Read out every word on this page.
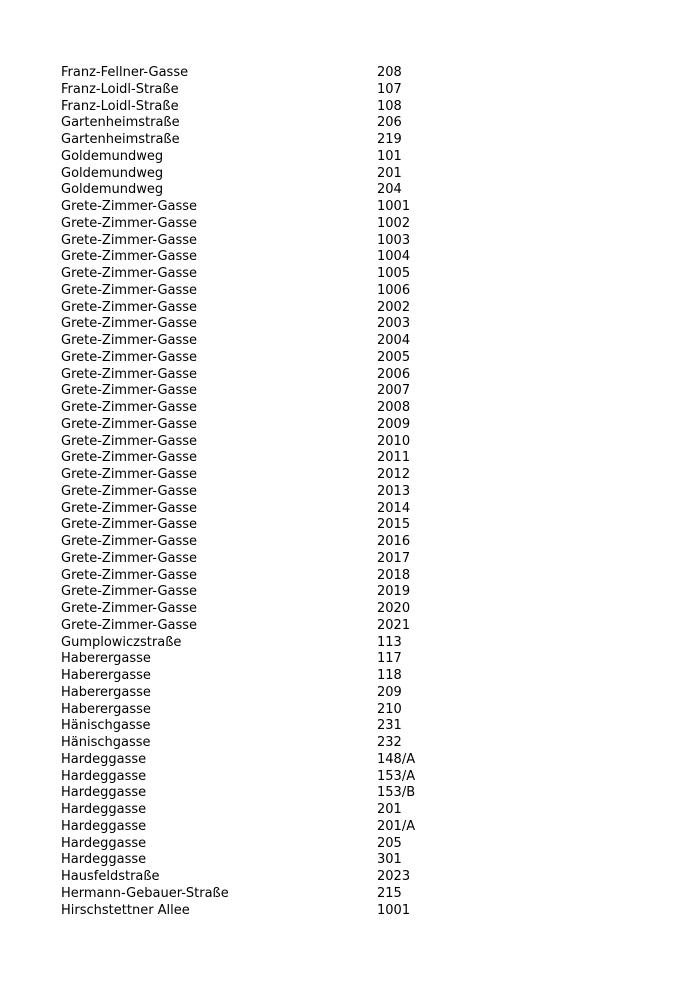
Franz-Fellner-Gasse	208
Franz-Loidl-Straße	107
Franz-Loidl-Straße	108
Gartenheimstraße	206
Gartenheimstraße	219
Goldemundweg	101
Goldemundweg	201
Goldemundweg	204
Grete-Zimmer-Gasse	1001
Grete-Zimmer-Gasse	1002
Grete-Zimmer-Gasse	1003
Grete-Zimmer-Gasse	1004
Grete-Zimmer-Gasse	1005
Grete-Zimmer-Gasse	1006
Grete-Zimmer-Gasse	2002
Grete-Zimmer-Gasse	2003
Grete-Zimmer-Gasse	2004
Grete-Zimmer-Gasse	2005
Grete-Zimmer-Gasse	2006
Grete-Zimmer-Gasse	2007
Grete-Zimmer-Gasse	2008
Grete-Zimmer-Gasse	2009
Grete-Zimmer-Gasse	2010
Grete-Zimmer-Gasse	2011
Grete-Zimmer-Gasse	2012
Grete-Zimmer-Gasse	2013
Grete-Zimmer-Gasse	2014
Grete-Zimmer-Gasse	2015
Grete-Zimmer-Gasse	2016
Grete-Zimmer-Gasse	2017
Grete-Zimmer-Gasse	2018
Grete-Zimmer-Gasse	2019
Grete-Zimmer-Gasse	2020
Grete-Zimmer-Gasse	2021
Gumplowiczstraße	113
Haberergasse	117
Haberergasse	118
Haberergasse	209
Haberergasse	210
Hänischgasse	231
Hänischgasse	232
Hardeggasse	148/A
Hardeggasse	153/A
Hardeggasse	153/B
Hardeggasse	201
Hardeggasse	201/A
Hardeggasse	205
Hardeggasse	301
Hausfeldstraße	2023
Hermann-Gebauer-Straße	215
Hirschstettner Allee	1001
